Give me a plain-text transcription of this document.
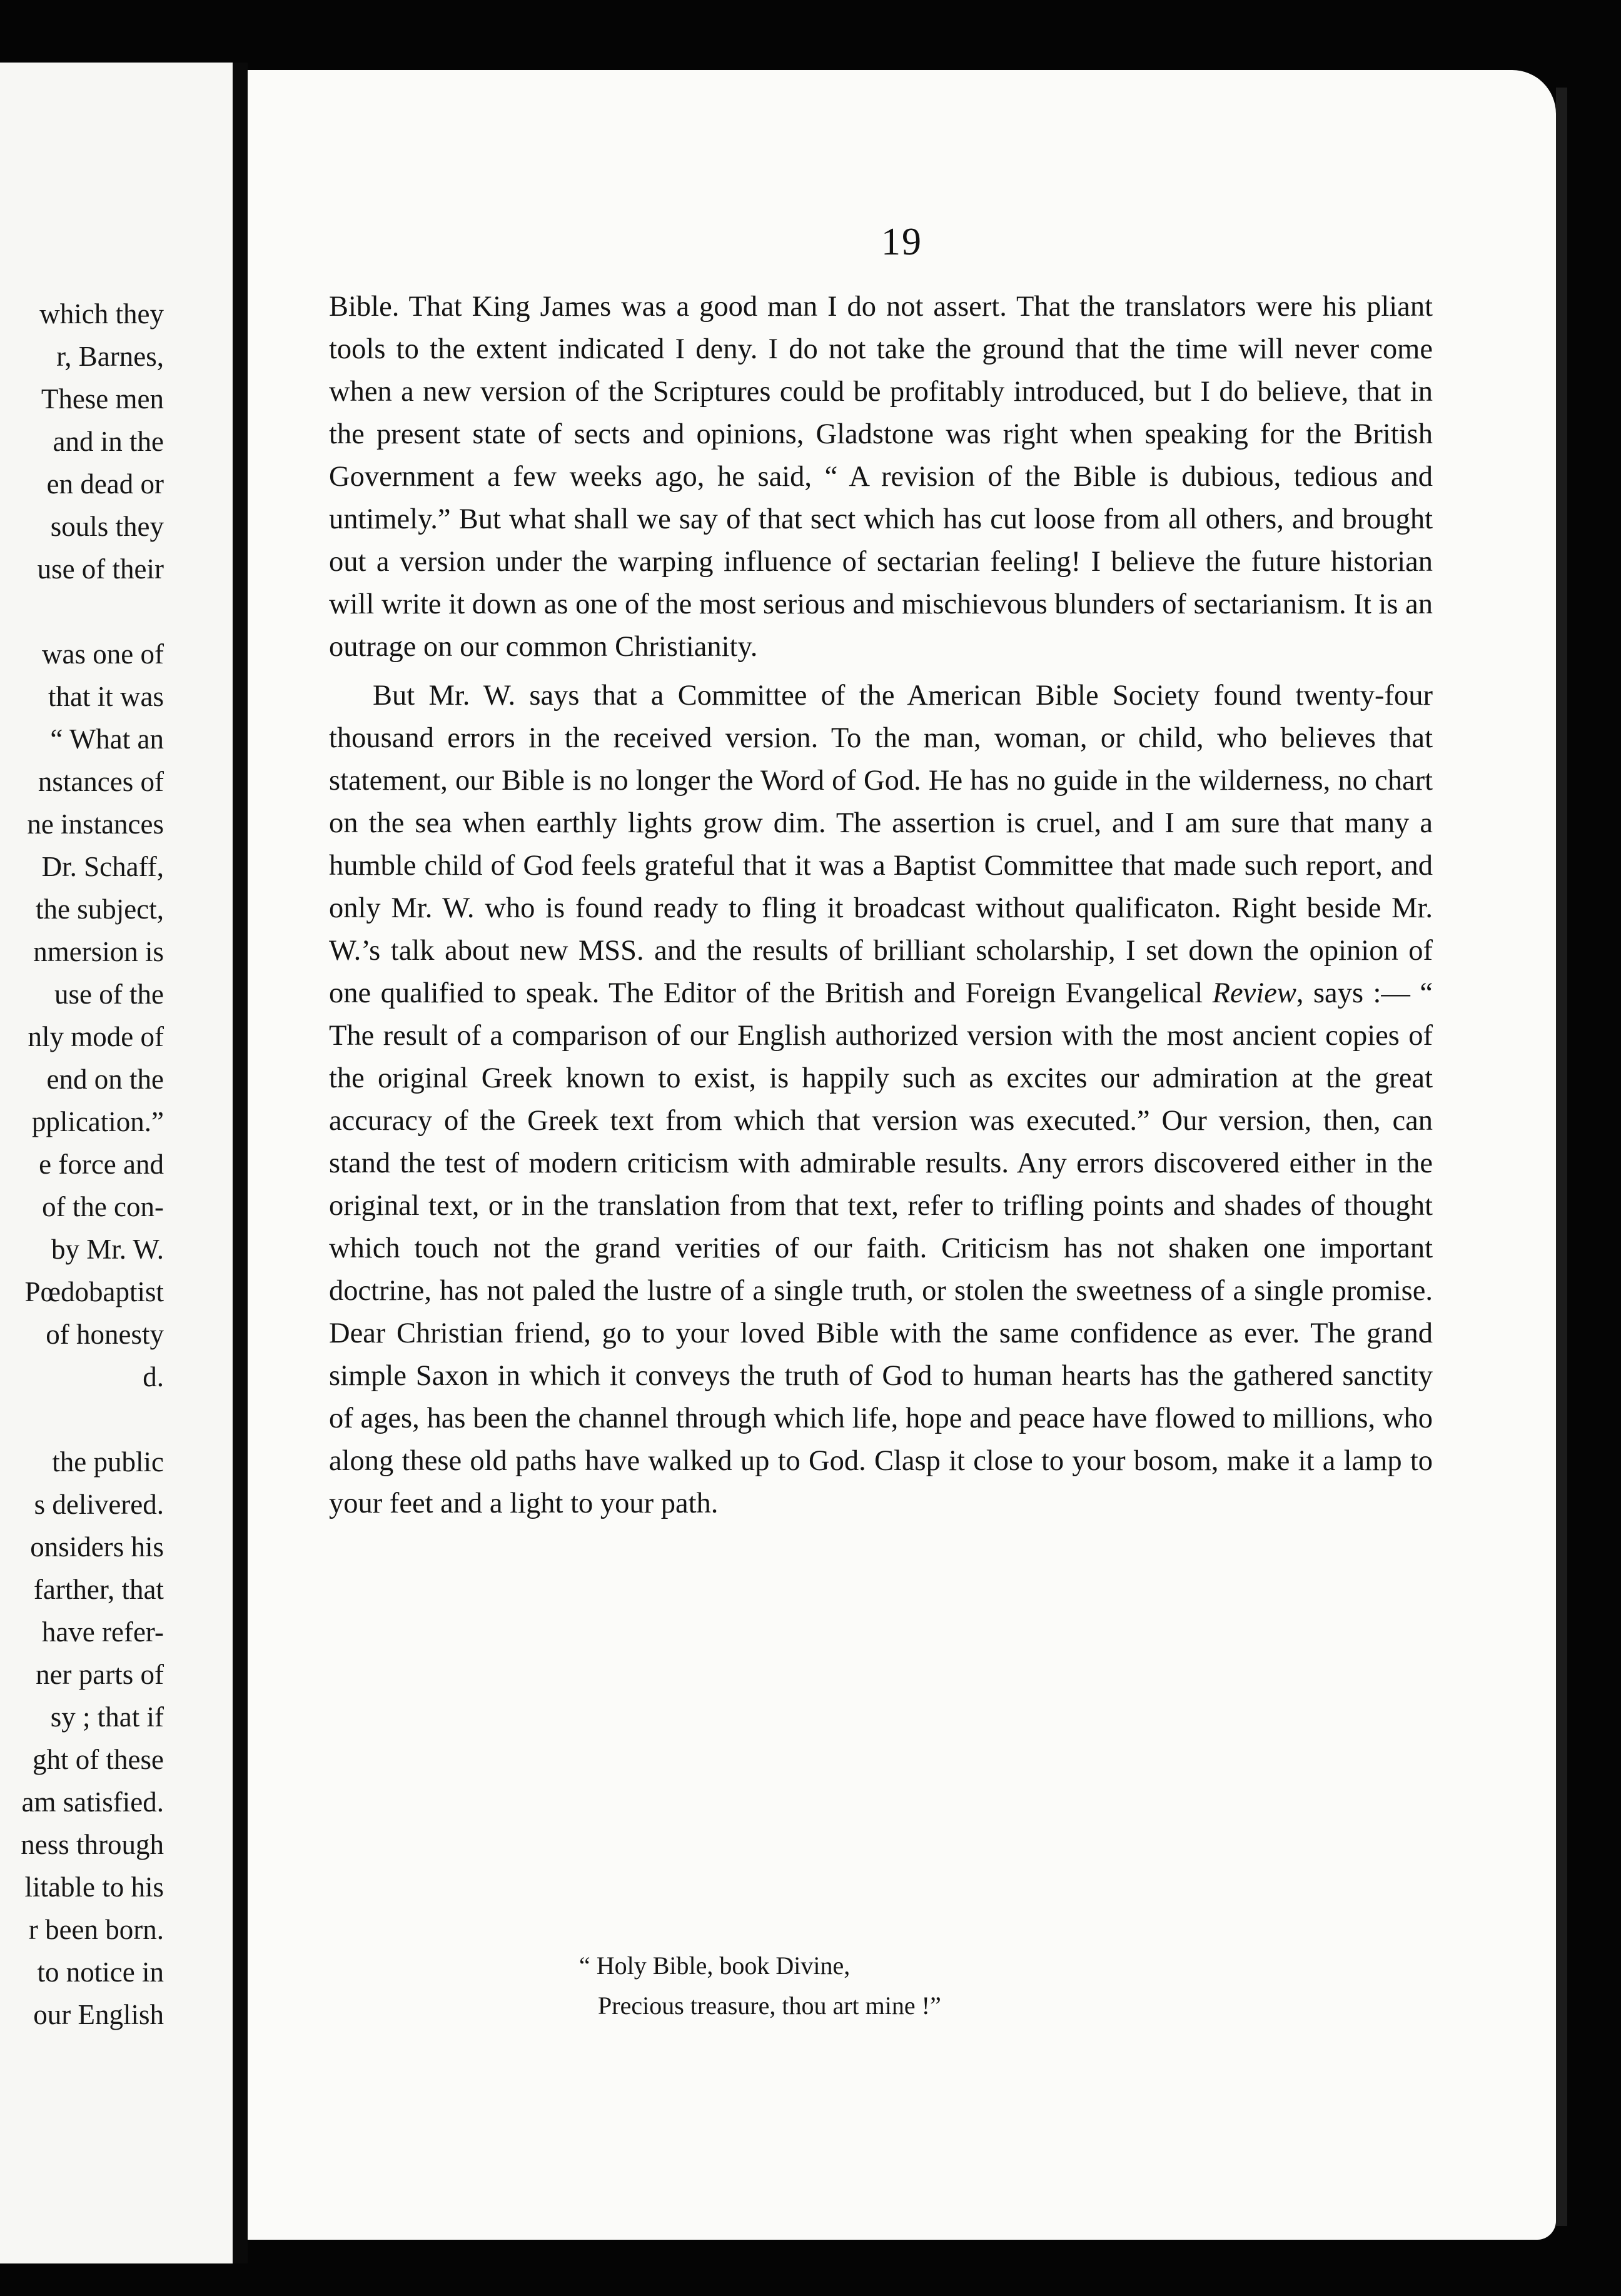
which they
r, Barnes,
These men
and in the
en dead or
souls they
use of their
was one of
that it was
“ What an
nstances of
ne instances
Dr. Schaff,
the subject,
nmersion is
use of the
nly mode of
end on the
pplication.”
e force and
of the con-
by Mr. W.
Pœdobaptist
of honesty
d.
the public
s delivered.
onsiders his
farther, that
have refer-
ner parts of
sy ; that if
ght of these
am satisfied.
ness through
litable to his
r been born.
to notice in
our English
19

Bible. That King James was a good man I do not assert. That the translators were his pliant tools to the extent indicated I deny. I do not take the ground that the time will never come when a new version of the Scriptures could be profitably introduced, but I do believe, that in the present state of sects and opinions, Gladstone was right when speaking for the British Government a few weeks ago, he said, “ A revision of the Bible is dubious, tedious and untimely.” But what shall we say of that sect which has cut loose from all others, and brought out a version under the warping influence of sectarian feeling! I believe the future historian will write it down as one of the most serious and mischievous blunders of sectarianism. It is an outrage on our common Christianity.

But Mr. W. says that a Committee of the American Bible Society found twenty-four thousand errors in the received version. To the man, woman, or child, who believes that statement, our Bible is no longer the Word of God. He has no guide in the wilderness, no chart on the sea when earthly lights grow dim. The assertion is cruel, and I am sure that many a humble child of God feels grateful that it was a Baptist Committee that made such report, and only Mr. W. who is found ready to fling it broadcast without qualificaton. Right beside Mr. W.’s talk about new MSS. and the results of brilliant scholarship, I set down the opinion of one qualified to speak. The Editor of the British and Foreign Evangelical Review, says :— “ The result of a comparison of our English authorized version with the most ancient copies of the original Greek known to exist, is happily such as excites our admiration at the great accuracy of the Greek text from which that version was executed.” Our version, then, can stand the test of modern criticism with admirable results. Any errors discovered either in the original text, or in the translation from that text, refer to trifling points and shades of thought which touch not the grand verities of our faith. Criticism has not shaken one important doctrine, has not paled the lustre of a single truth, or stolen the sweetness of a single promise. Dear Christian friend, go to your loved Bible with the same confidence as ever. The grand simple Saxon in which it conveys the truth of God to human hearts has the gathered sanctity of ages, has been the channel through which life, hope and peace have flowed to millions, who along these old paths have walked up to God. Clasp it close to your bosom, make it a lamp to your feet and a light to your path.

“ Holy Bible, book Divine,
Precious treasure, thou art mine !”
